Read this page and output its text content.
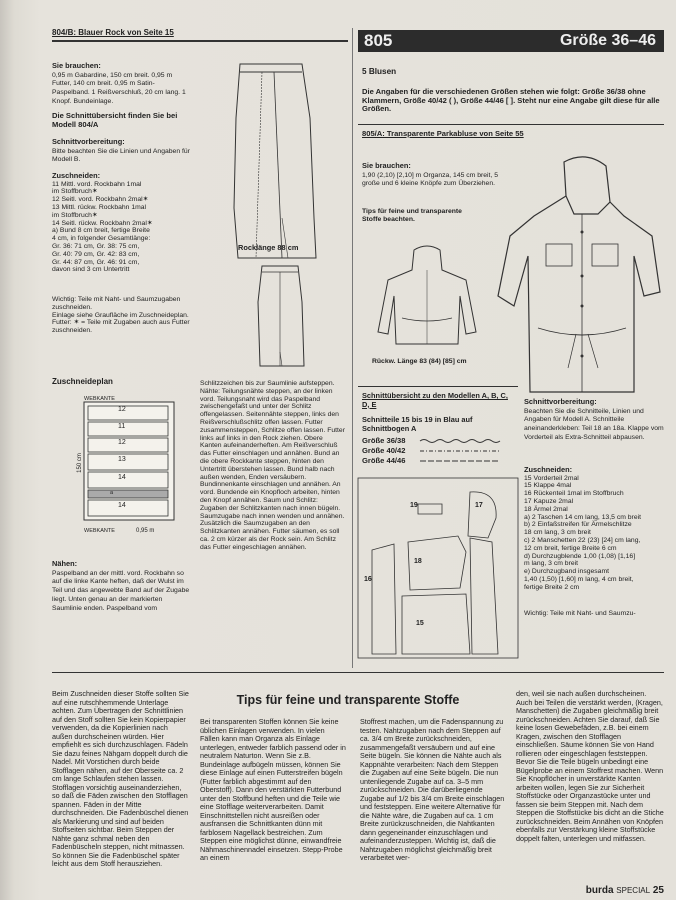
804/B: Blauer Rock von Seite 15
Sie brauchen:
0,95 m Gabardine, 150 cm breit. 0,95 m Futter, 140 cm breit. 0,95 m Satin-Paspelband. 1 Reißverschluß, 20 cm lang. 1 Knopf. Bundeinlage.
Die Schnittübersicht finden Sie bei Modell 804/A
Schnittvorbereitung:
Bitte beachten Sie die Linien und Angaben für Modell B.
Zuschneiden:
11 Mittl. vord. Rockbahn 1mal
im Stoffbruch✶
12 Seitl. vord. Rockbahn 2mal✶
13 Mittl. rückw. Rockbahn 1mal
im Stoffbruch✶
14 Seitl. rückw. Rockbahn 2mal✶
a) Bund 8 cm breit, fertige Breite
4 cm, in folgender Gesamtlänge:
Gr. 36: 71 cm, Gr. 38: 75 cm,
Gr. 40: 79 cm, Gr. 42: 83 cm,
Gr. 44: 87 cm, Gr. 46: 91 cm,
davon sind 3 cm Untertritt
Wichtig: Teile mit Naht- und Saumzugaben zuschneiden.
Einlage siehe Graufläche im Zuschneideplan.
Futter: ✶ = Teile mit Zugaben auch aus Futter zuschneiden.
Rocklänge 88 cm
Zuschneideplan
WEBKANTE
12
11
12
13
14
a
14
150 cm
WEBKANTE	0,95 m
Nähen:
Paspelband an der mittl. vord. Rockbahn so auf die linke Kante heften, daß der Wulst im Teil und das angewebte Band auf der Zugabe liegt. Unten genau an der markierten Saumlinie enden. Paspelband vom
Schlitzzeichen bis zur Saumlinie aufsteppen. Nähte: Teilungsnähte steppen, an der linken vord. Teilungsnaht wird das Paspelband zwischengefaßt und unter der Schlitz offengelassen. Seitennähte steppen, links den Reißverschlußschlitz offen lassen. Futter zusammensteppen, Schlitze offen lassen. Futter links auf links in den Rock ziehen. Obere Kanten aufeinanderheften. Am Reißverschluß das Futter einschlagen und annähen. Bund an die obere Rockkante steppen, hinten den Untertritt überstehen lassen. Bund halb nach außen wenden, Enden versäubern. Bundinnenkante einschlagen und annähen. An vord. Bundende ein Knopfloch arbeiten, hinten den Knopf annähen. Saum und Schlitz: Zugaben der Schlitzkanten nach innen bügeln. Saumzugabe nach innen wenden und annähen. Zusätzlich die Saumzugaben an den Schlitzkanten annähen. Futter säumen, es soll ca. 2 cm kürzer als der Rock sein. Am Schlitz das Futter eingeschlagen annähen.
805	Größe 36–46
5 Blusen
Die Angaben für die verschiedenen Größen stehen wie folgt: Größe 36/38 ohne Klammern, Größe 40/42 ( ), Größe 44/46 [ ]. Steht nur eine Angabe gilt diese für alle Größen.
805/A: Transparente Parkabluse von Seite 55
Sie brauchen:
1,90 (2,10) [2,10] m Organza, 145 cm breit, 5 große und 6 kleine Knöpfe zum Überziehen.
Tips für feine und transparente Stoffe beachten.
Rückw. Länge 83 (84) [85] cm
Schnittübersicht zu den Modellen A, B, C, D, E
Schnitteile 15 bis 19 in Blau auf Schnittbogen A
Größe 36/38
Größe 40/42
Größe 44/46
19	17
18
16
15
Schnittvorbereitung:
Beachten Sie die Schnitteile, Linien und Angaben für Modell A. Schnitteile aneinanderkleben: Teil 18 an 18a. Klappe vom Vorderteil als Extra-Schnitteil abpausen.
Zuschneiden:
15 Vorderteil 2mal
15 Klappe 4mal
16 Rückenteil 1mal im Stoffbruch
17 Kapuze 2mal
18 Ärmel 2mal
a) 2 Taschen 14 cm lang, 13,5 cm breit
b) 2 Einfaßstreifen für Ärmelschlitze
18 cm lang, 3 cm breit
c) 2 Manschetten 22 (23) [24] cm lang,
12 cm breit, fertige Breite 6 cm
d) Durchzugblende 1,00 (1,08) [1,16]
m lang, 3 cm breit
e) Durchzugband insgesamt
1,40 (1,50) [1,60] m lang, 4 cm breit,
fertige Breite 2 cm
Wichtig: Teile mit Naht- und Saumzu-
Tips für feine und transparente Stoffe
Beim Zuschneiden dieser Stoffe sollten Sie auf eine rutschhemmende Unterlage achten. Zum Übertragen der Schnittlinien auf den Stoff sollten Sie kein Kopierpapier verwenden, da die Kopierlinien nach außen durchscheinen würden. Hier empfiehlt es sich durchzuschlagen. Fädeln Sie dazu feines Nähgarn doppelt durch die Nadel. Mit Vorstichen durch beide Stofflagen nähen, auf der Oberseite ca. 2 cm lange Schlaufen stehen lassen. Stofflagen vorsichtig auseinanderziehen, so daß die Fäden zwischen den Stofflagen spannen. Fäden in der Mitte durchschneiden. Die Fadenbüschel dienen als Markierung und sind auf beiden Stoffseiten sichtbar. Beim Steppen der Nähte ganz schmal neben den Fadenbüscheln steppen, nicht mitnassen. So können Sie die Fadenbüschel später leicht aus dem Stoff herausziehen.
Bei transparenten Stoffen können Sie keine üblichen Einlagen verwenden. In vielen Fällen kann man Organza als Einlage unterlegen, entweder farblich passend oder in neutralem Naturton. Wenn Sie z.B. Bundeinlage aufbügeln müssen, können Sie diese Einlage auf einen Futterstreifen bügeln (Futter farblich abgestimmt auf den Oberstoff). Dann den verstärkten Futterbund unter den Stoffbund heften und die Teile wie eine Stofflage weiterverarbeiten. Damit Einschnittstellen nicht ausreißen oder ausfransen die Schnittkanten dünn mit farblosem Nagellack bestreichen. Zum Steppen eine möglichst dünne, einwandfreie Nähmaschinennadel einsetzen. Stepp-Probe an einem
Stoffrest machen, um die Fadenspannung zu testen. Nahtzugaben nach dem Steppen auf ca. 3/4 cm Breite zurückschneiden, zusammengefaßt versäubern und auf eine Seite bügeln. Sie können die Nähte auch als Kappnähte verarbeiten: Nach dem Steppen die Zugaben auf eine Seite bügeln. Die nun untenliegende Zugabe auf ca. 3–5 mm zurückschneiden. Die darüberliegende Zugabe auf 1/2 bis 3/4 cm Breite einschlagen und feststeppen. Eine weitere Alternative für die Nähte wäre, die Zugaben auf ca. 1 cm Breite zurückzuschneiden, die Nahtkanten dann gegeneinander einzuschlagen und aufeinanderzusteppen. Wichtig ist, daß die Nahtzugaben möglichst gleichmäßig breit verarbeitet wer-
den, weil sie nach außen durchscheinen. Auch bei Teilen die verstärkt werden, (Kragen, Manschetten) die Zugaben gleichmäßig breit zurückschneiden. Achten Sie darauf, daß Sie keine losen Gewebefäden, z.B. bei einem Kragen, zwischen den Stofflagen einschließen. Säume können Sie von Hand rollieren oder eingeschlagen feststeppen. Bevor Sie die Teile bügeln unbedingt eine Bügelprobe an einem Stoffrest machen. Wenn Sie Knopflöcher in unverstärkte Kanten arbeiten wollen, legen Sie zur Sicherheit Stoffstücke oder Organzastücke unter und fassen sie beim Steppen mit. Nach dem Steppen die Stoffstücke bis dicht an die Stiche zurückschneiden. Beim Annähen von Knöpfen ebenfalls zur Verstärkung kleine Stoffstücke doppelt falten, unterlegen und mitfassen.
burda SPECIAL 25
